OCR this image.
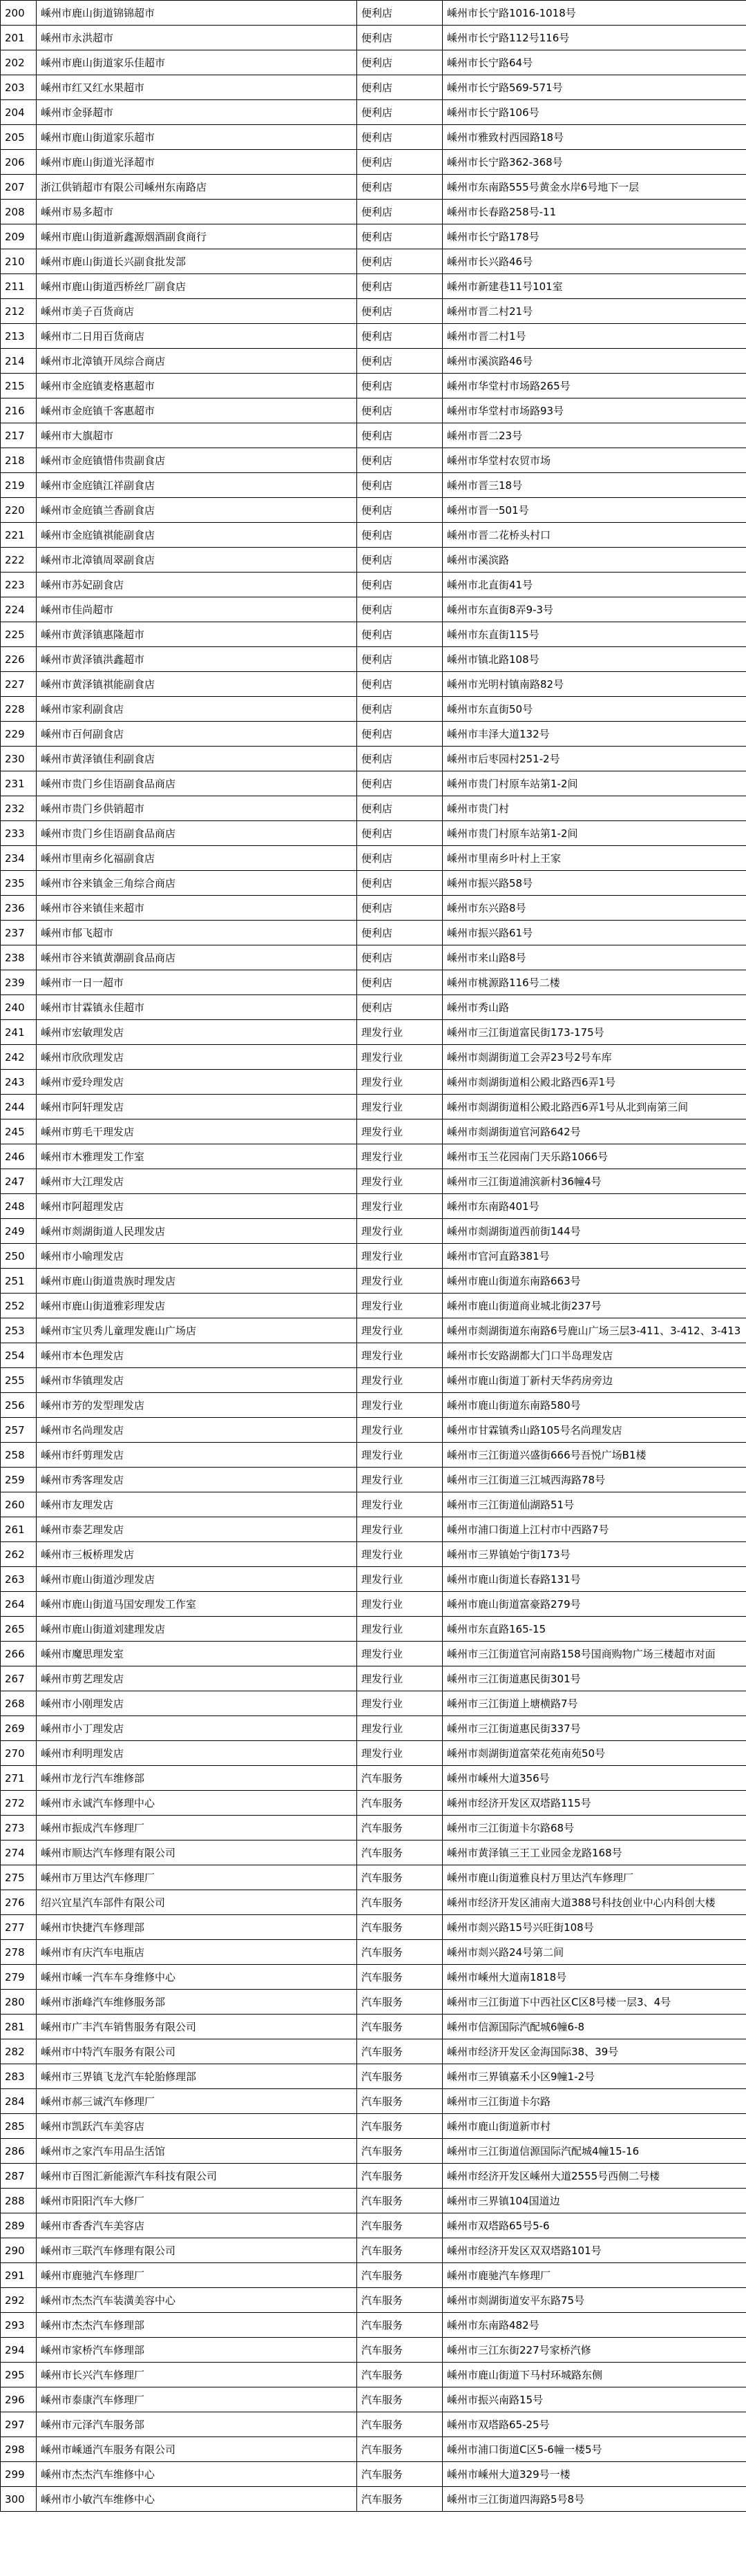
200	嵊州市鹿山街道锦锦超市	便利店	嵊州市长宁路1016-1018号
201	嵊州市永洪超市	便利店	嵊州市长宁路112号116号
202	嵊州市鹿山街道家乐佳超市	便利店	嵊州市长宁路64号
203	嵊州市红又红水果超市	便利店	嵊州市长宁路569-571号
204	嵊州市金驿超市	便利店	嵊州市长宁路106号
205	嵊州市鹿山街道家乐超市	便利店	嵊州市雅致村西园路18号
206	嵊州市鹿山街道光泽超市	便利店	嵊州市长宁路362-368号
207	浙江供销超市有限公司嵊州东南路店	便利店	嵊州市东南路555号黄金水岸6号地下一层
208	嵊州市易多超市	便利店	嵊州市长春路258号-11
209	嵊州市鹿山街道新鑫源烟酒副食商行	便利店	嵊州市长宁路178号
210	嵊州市鹿山街道长兴副食批发部	便利店	嵊州市长兴路46号
211	嵊州市鹿山街道西桥丝厂副食店	便利店	嵊州市新建巷11号101室
212	嵊州市美子百货商店	便利店	嵊州市晋二村21号
213	嵊州市二日用百货商店	便利店	嵊州市晋二村1号
214	嵊州市北漳镇开凤综合商店	便利店	嵊州市溪滨路46号
215	嵊州市金庭镇麦格惠超市	便利店	嵊州市华堂村市场路265号
216	嵊州市金庭镇千客惠超市	便利店	嵊州市华堂村市场路93号
217	嵊州市大旗超市	便利店	嵊州市晋二23号
218	嵊州市金庭镇惜伟贵副食店	便利店	嵊州市华堂村农贸市场
219	嵊州市金庭镇江祥副食店	便利店	嵊州市晋三18号
220	嵊州市金庭镇兰香副食店	便利店	嵊州市晋一501号
221	嵊州市金庭镇祺能副食店	便利店	嵊州市晋二花桥头村口
222	嵊州市北漳镇周翠副食店	便利店	嵊州市溪滨路
223	嵊州市苏妃副食店	便利店	嵊州市北直街41号
224	嵊州市佳尚超市	便利店	嵊州市东直街8弄9-3号
225	嵊州市黄泽镇惠隆超市	便利店	嵊州市东直街115号
226	嵊州市黄泽镇洪鑫超市	便利店	嵊州市镇北路108号
227	嵊州市黄泽镇祺能副食店	便利店	嵊州市光明村镇南路82号
228	嵊州市家利副食店	便利店	嵊州市东直街50号
229	嵊州市百何副食店	便利店	嵊州市丰泽大道132号
230	嵊州市黄泽镇佳利副食店	便利店	嵊州市后枣园村251-2号
231	嵊州市贵门乡佳语副食品商店	便利店	嵊州市贵门村原车站第1-2间
232	嵊州市贵门乡供销超市	便利店	嵊州市贵门村
233	嵊州市贵门乡佳语副食品商店	便利店	嵊州市贵门村原车站第1-2间
234	嵊州市里南乡化福副食店	便利店	嵊州市里南乡叶村上王家
235	嵊州市谷来镇金三角综合商店	便利店	嵊州市振兴路58号
236	嵊州市谷来镇佳来超市	便利店	嵊州市东兴路8号
237	嵊州市郁飞超市	便利店	嵊州市振兴路61号
238	嵊州市谷来镇黄潮副食品商店	便利店	嵊州市来山路8号
239	嵊州市一日一超市	便利店	嵊州市桃源路116号二楼
240	嵊州市甘霖镇永佳超市	便利店	嵊州市秀山路
241	嵊州市宏敏理发店	理发行业	嵊州市三江街道富民街173-175号
242	嵊州市欣欣理发店	理发行业	嵊州市剡湖街道工会弄23号2号车库
243	嵊州市爱玲理发店	理发行业	嵊州市剡湖街道相公殿北路西6弄1号
244	嵊州市阿轩理发店	理发行业	嵊州市剡湖街道相公殿北路西6弄1号从北到南第三间
245	嵊州市剪毛干理发店	理发行业	嵊州市剡湖街道官河路642号
246	嵊州市木雅理发工作室	理发行业	嵊州市玉兰花园南门天乐路1066号
247	嵊州市大江理发店	理发行业	嵊州市三江街道浦滨新村36幢4号
248	嵊州市阿超理发店	理发行业	嵊州市东南路401号
249	嵊州市剡湖街道人民理发店	理发行业	嵊州市剡湖街道西前街144号
250	嵊州市小喻理发店	理发行业	嵊州市官河直路381号
251	嵊州市鹿山街道贵族时理发店	理发行业	嵊州市鹿山街道东南路663号
252	嵊州市鹿山街道雅彩理发店	理发行业	嵊州市鹿山街道商业城北街237号
253	嵊州市宝贝秀儿童理发鹿山广场店	理发行业	嵊州市剡湖街道东南路6号鹿山广场三层3-411、3-412、3-413
254	嵊州市本色理发店	理发行业	嵊州市长安路湖都大门口半岛理发店
255	嵊州市华镇理发店	理发行业	嵊州市鹿山街道丁新村天华药房旁边
256	嵊州市芳的发型理发店	理发行业	嵊州市鹿山街道东南路580号
257	嵊州市名尚理发店	理发行业	嵊州市甘霖镇秀山路105号名尚理发店
258	嵊州市纤剪理发店	理发行业	嵊州市三江街道兴盛街666号吾悦广场B1楼
259	嵊州市秀客理发店	理发行业	嵊州市三江街道三江城西海路78号
260	嵊州市友理发店	理发行业	嵊州市三江街道仙湖路51号
261	嵊州市泰艺理发店	理发行业	嵊州市浦口街道上江村市中西路7号
262	嵊州市三板桥理发店	理发行业	嵊州市三界镇始宁街173号
263	嵊州市鹿山街道沙理发店	理发行业	嵊州市鹿山街道长春路131号
264	嵊州市鹿山街道马国安理发工作室	理发行业	嵊州市鹿山街道富豪路279号
265	嵊州市鹿山街道刘建理发店	理发行业	嵊州市东直路165-15
266	嵊州市魔思理发室	理发行业	嵊州市三江街道官河南路158号国商购物广场三楼超市对面
267	嵊州市剪艺理发店	理发行业	嵊州市三江街道惠民街301号
268	嵊州市小刚理发店	理发行业	嵊州市三江街道上塘横路7号
269	嵊州市小丁理发店	理发行业	嵊州市三江街道惠民街337号
270	嵊州市利明理发店	理发行业	嵊州市剡湖街道富荣花苑南苑50号
271	嵊州市龙行汽车维修部	汽车服务	嵊州市嵊州大道356号
272	嵊州市永诚汽车修理中心	汽车服务	嵊州市经济开发区双塔路115号
273	嵊州市振成汽车修理厂	汽车服务	嵊州市三江街道卡尔路68号
274	嵊州市顺达汽车修理有限公司	汽车服务	嵊州市黄泽镇三王工业园金龙路168号
275	嵊州市万里达汽车修理厂	汽车服务	嵊州市鹿山街道雅良村万里达汽车修理厂
276	绍兴宜星汽车部件有限公司	汽车服务	嵊州市经济开发区浦南大道388号科技创业中心内科创大楼
277	嵊州市快捷汽车修理部	汽车服务	嵊州市剡兴路15号兴旺街108号
278	嵊州市有庆汽车电瓶店	汽车服务	嵊州市剡兴路24号第二间
279	嵊州市嵊一汽车车身维修中心	汽车服务	嵊州市嵊州大道南1818号
280	嵊州市浙峰汽车维修服务部	汽车服务	嵊州市三江街道下中西社区C区8号楼一层3、4号
281	嵊州市广丰汽车销售服务有限公司	汽车服务	嵊州市信源国际汽配城6幢6-8
282	嵊州市中特汽车服务有限公司	汽车服务	嵊州市经济开发区金海国际38、39号
283	嵊州市三界镇飞龙汽车轮胎修理部	汽车服务	嵊州市三界镇嘉禾小区9幢1-2号
284	嵊州市郝三诚汽车修理厂	汽车服务	嵊州市三江街道卡尔路
285	嵊州市凯跃汽车美容店	汽车服务	嵊州市鹿山街道新市村
286	嵊州市之家汽车用品生活馆	汽车服务	嵊州市三江街道信源国际汽配城4幢15-16
287	嵊州市百图汇新能源汽车科技有限公司	汽车服务	嵊州市经济开发区嵊州大道2555号西侧二号楼
288	嵊州市阳阳汽车大修厂	汽车服务	嵊州市三界镇104国道边
289	嵊州市香香汽车美容店	汽车服务	嵊州市双塔路65号5-6
290	嵊州市三联汽车修理有限公司	汽车服务	嵊州市经济开发区双双塔路101号
291	嵊州市鹿驰汽车修理厂	汽车服务	嵊州市鹿驰汽车修理厂
292	嵊州市杰杰汽车装潢美容中心	汽车服务	嵊州市剡湖街道安平东路75号
293	嵊州市杰杰汽车修理部	汽车服务	嵊州市东南路482号
294	嵊州市家桥汽车修理部	汽车服务	嵊州市三江东街227号家桥汽修
295	嵊州市长兴汽车修理厂	汽车服务	嵊州市鹿山街道下马村环城路东侧
296	嵊州市泰康汽车修理厂	汽车服务	嵊州市振兴南路15号
297	嵊州市元泽汽车服务部	汽车服务	嵊州市双塔路65-25号
298	嵊州市嵊通汽车服务有限公司	汽车服务	嵊州市浦口街道C区5-6幢一楼5号
299	嵊州市杰杰汽车维修中心	汽车服务	嵊州市嵊州大道329号一楼
300	嵊州市小敏汽车维修中心	汽车服务	嵊州市三江街道四海路5号8号
